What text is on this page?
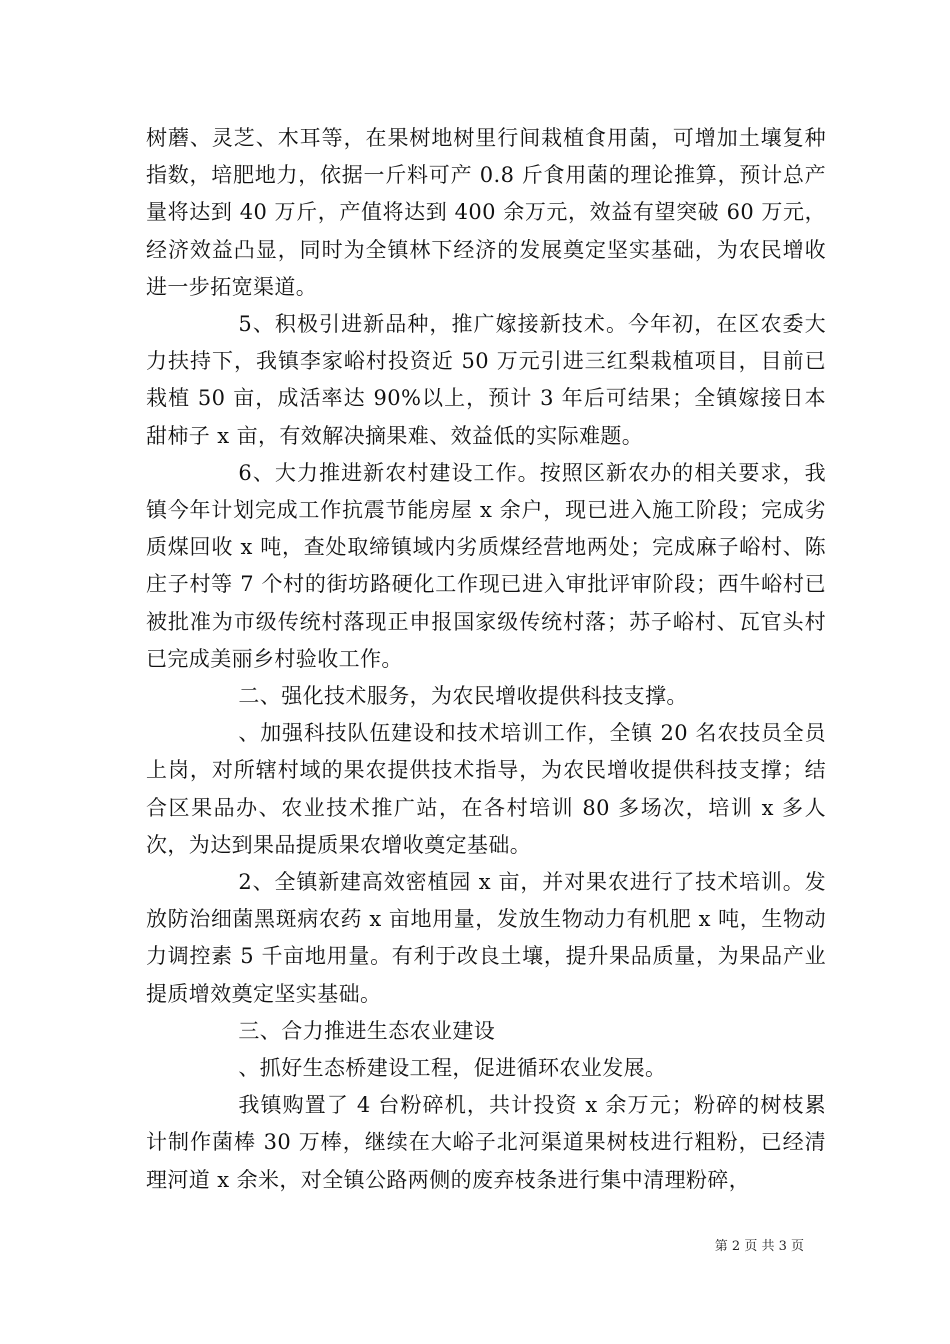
树蘑、灵芝、木耳等，在果树地树里行间栽植食用菌，可增加土壤复种指数，培肥地力，依据一斤料可产 0.8 斤食用菌的理论推算，预计总产量将达到 40 万斤，产值将达到 400 余万元，效益有望突破 60 万元，经济效益凸显，同时为全镇林下经济的发展奠定坚实基础，为农民增收进一步拓宽渠道。

5、积极引进新品种，推广嫁接新技术。今年初，在区农委大力扶持下，我镇李家峪村投资近 50 万元引进三红梨栽植项目，目前已栽植 50 亩，成活率达 90%以上，预计 3 年后可结果；全镇嫁接日本甜柿子 x 亩，有效解决摘果难、效益低的实际难题。

6、大力推进新农村建设工作。按照区新农办的相关要求，我镇今年计划完成工作抗震节能房屋 x 余户，现已进入施工阶段；完成劣质煤回收 x 吨，查处取缔镇域内劣质煤经营地两处；完成麻子峪村、陈庄子村等 7 个村的街坊路硬化工作现已进入审批评审阶段；西牛峪村已被批准为市级传统村落现正申报国家级传统村落；苏子峪村、瓦官头村已完成美丽乡村验收工作。

二、强化技术服务，为农民增收提供科技支撑。

、加强科技队伍建设和技术培训工作，全镇 20 名农技员全员上岗，对所辖村域的果农提供技术指导，为农民增收提供科技支撑；结合区果品办、农业技术推广站，在各村培训 80 多场次，培训 x 多人次，为达到果品提质果农增收奠定基础。

2、全镇新建高效密植园 x 亩，并对果农进行了技术培训。发放防治细菌黑斑病农药 x 亩地用量，发放生物动力有机肥 x 吨，生物动力调控素 5 千亩地用量。有利于改良土壤，提升果品质量，为果品产业提质增效奠定坚实基础。

三、合力推进生态农业建设

、抓好生态桥建设工程，促进循环农业发展。

我镇购置了 4 台粉碎机，共计投资 x 余万元；粉碎的树枝累计制作菌棒 30 万棒，继续在大峪子北河渠道果树枝进行粗粉，已经清理河道 x 余米，对全镇公路两侧的废弃枝条进行集中清理粉碎，

第 2 页 共 3 页
